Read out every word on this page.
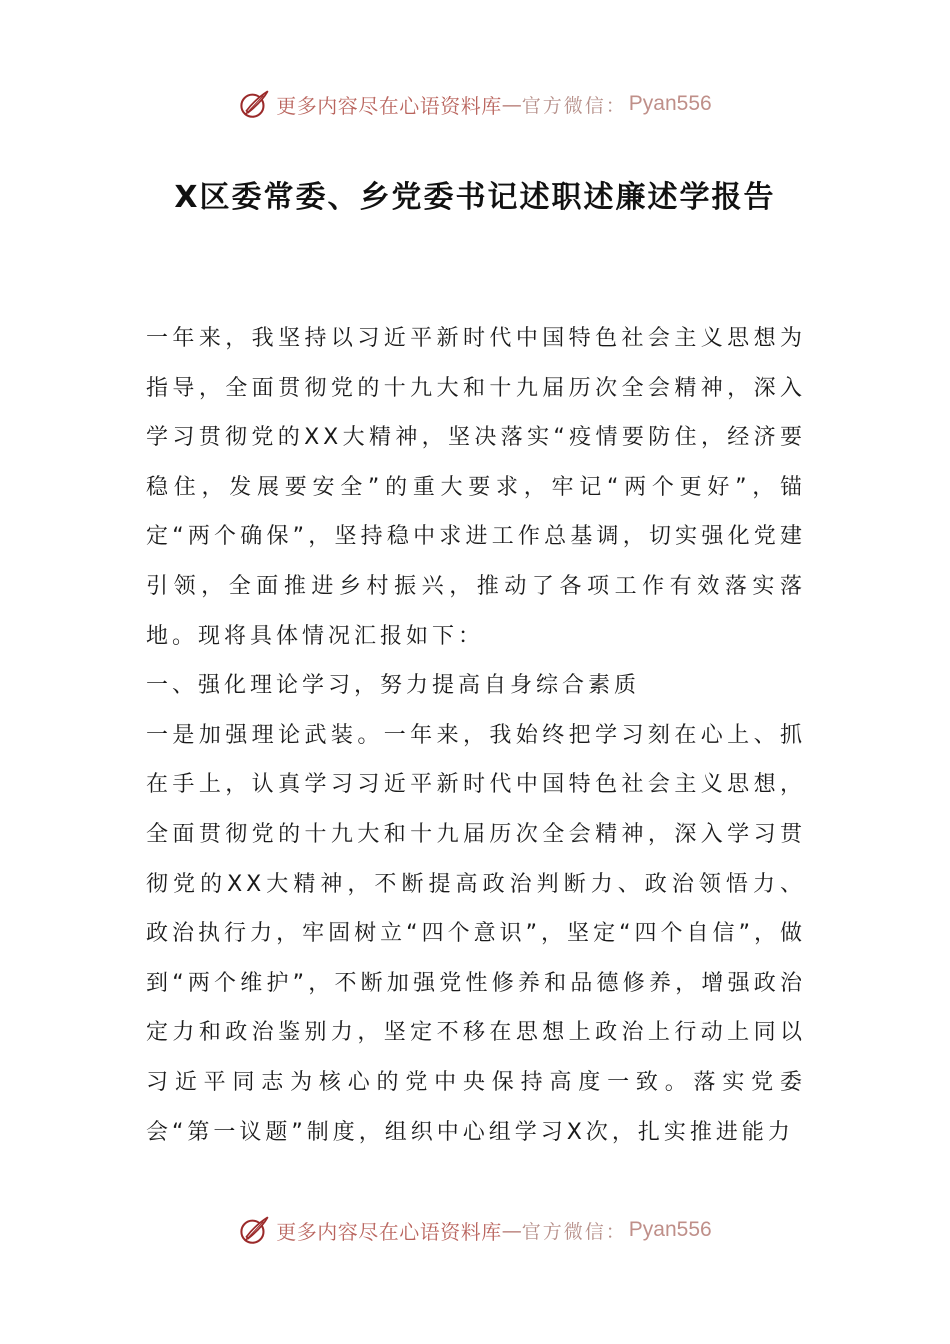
更多内容尽在心语资料库 — 官方微信： Pyan556
X区委常委、乡党委书记述职述廉述学报告

一年来，我坚持以习近平新时代中国特色社会主义思想为指导，全面贯彻党的十九大和十九届历次全会精神，深入学习贯彻党的XX大精神，坚决落实“疫情要防住，经济要稳住，发展要安全”的重大要求，牢记“两个更好”，锚定“两个确保”，坚持稳中求进工作总基调，切实强化党建引领，全面推进乡村振兴，推动了各项工作有效落实落地。现将具体情况汇报如下：

一、强化理论学习，努力提高自身综合素质

一是加强理论武装。一年来，我始终把学习刻在心上、抓在手上，认真学习习近平新时代中国特色社会主义思想，全面贯彻党的十九大和十九届历次全会精神，深入学习贯彻党的XX大精神，不断提高政治判断力、政治领悟力、政治执行力，牢固树立“四个意识”，坚定“四个自信”，做到“两个维护”，不断加强党性修养和品德修养，增强政治定力和政治鉴别力，坚定不移在思想上政治上行动上同以习近平同志为核心的党中央保持高度一致。落实党委会“第一议题”制度，组织中心组学习X次，扎实推进能力

更多内容尽在心语资料库 — 官方微信： Pyan556
